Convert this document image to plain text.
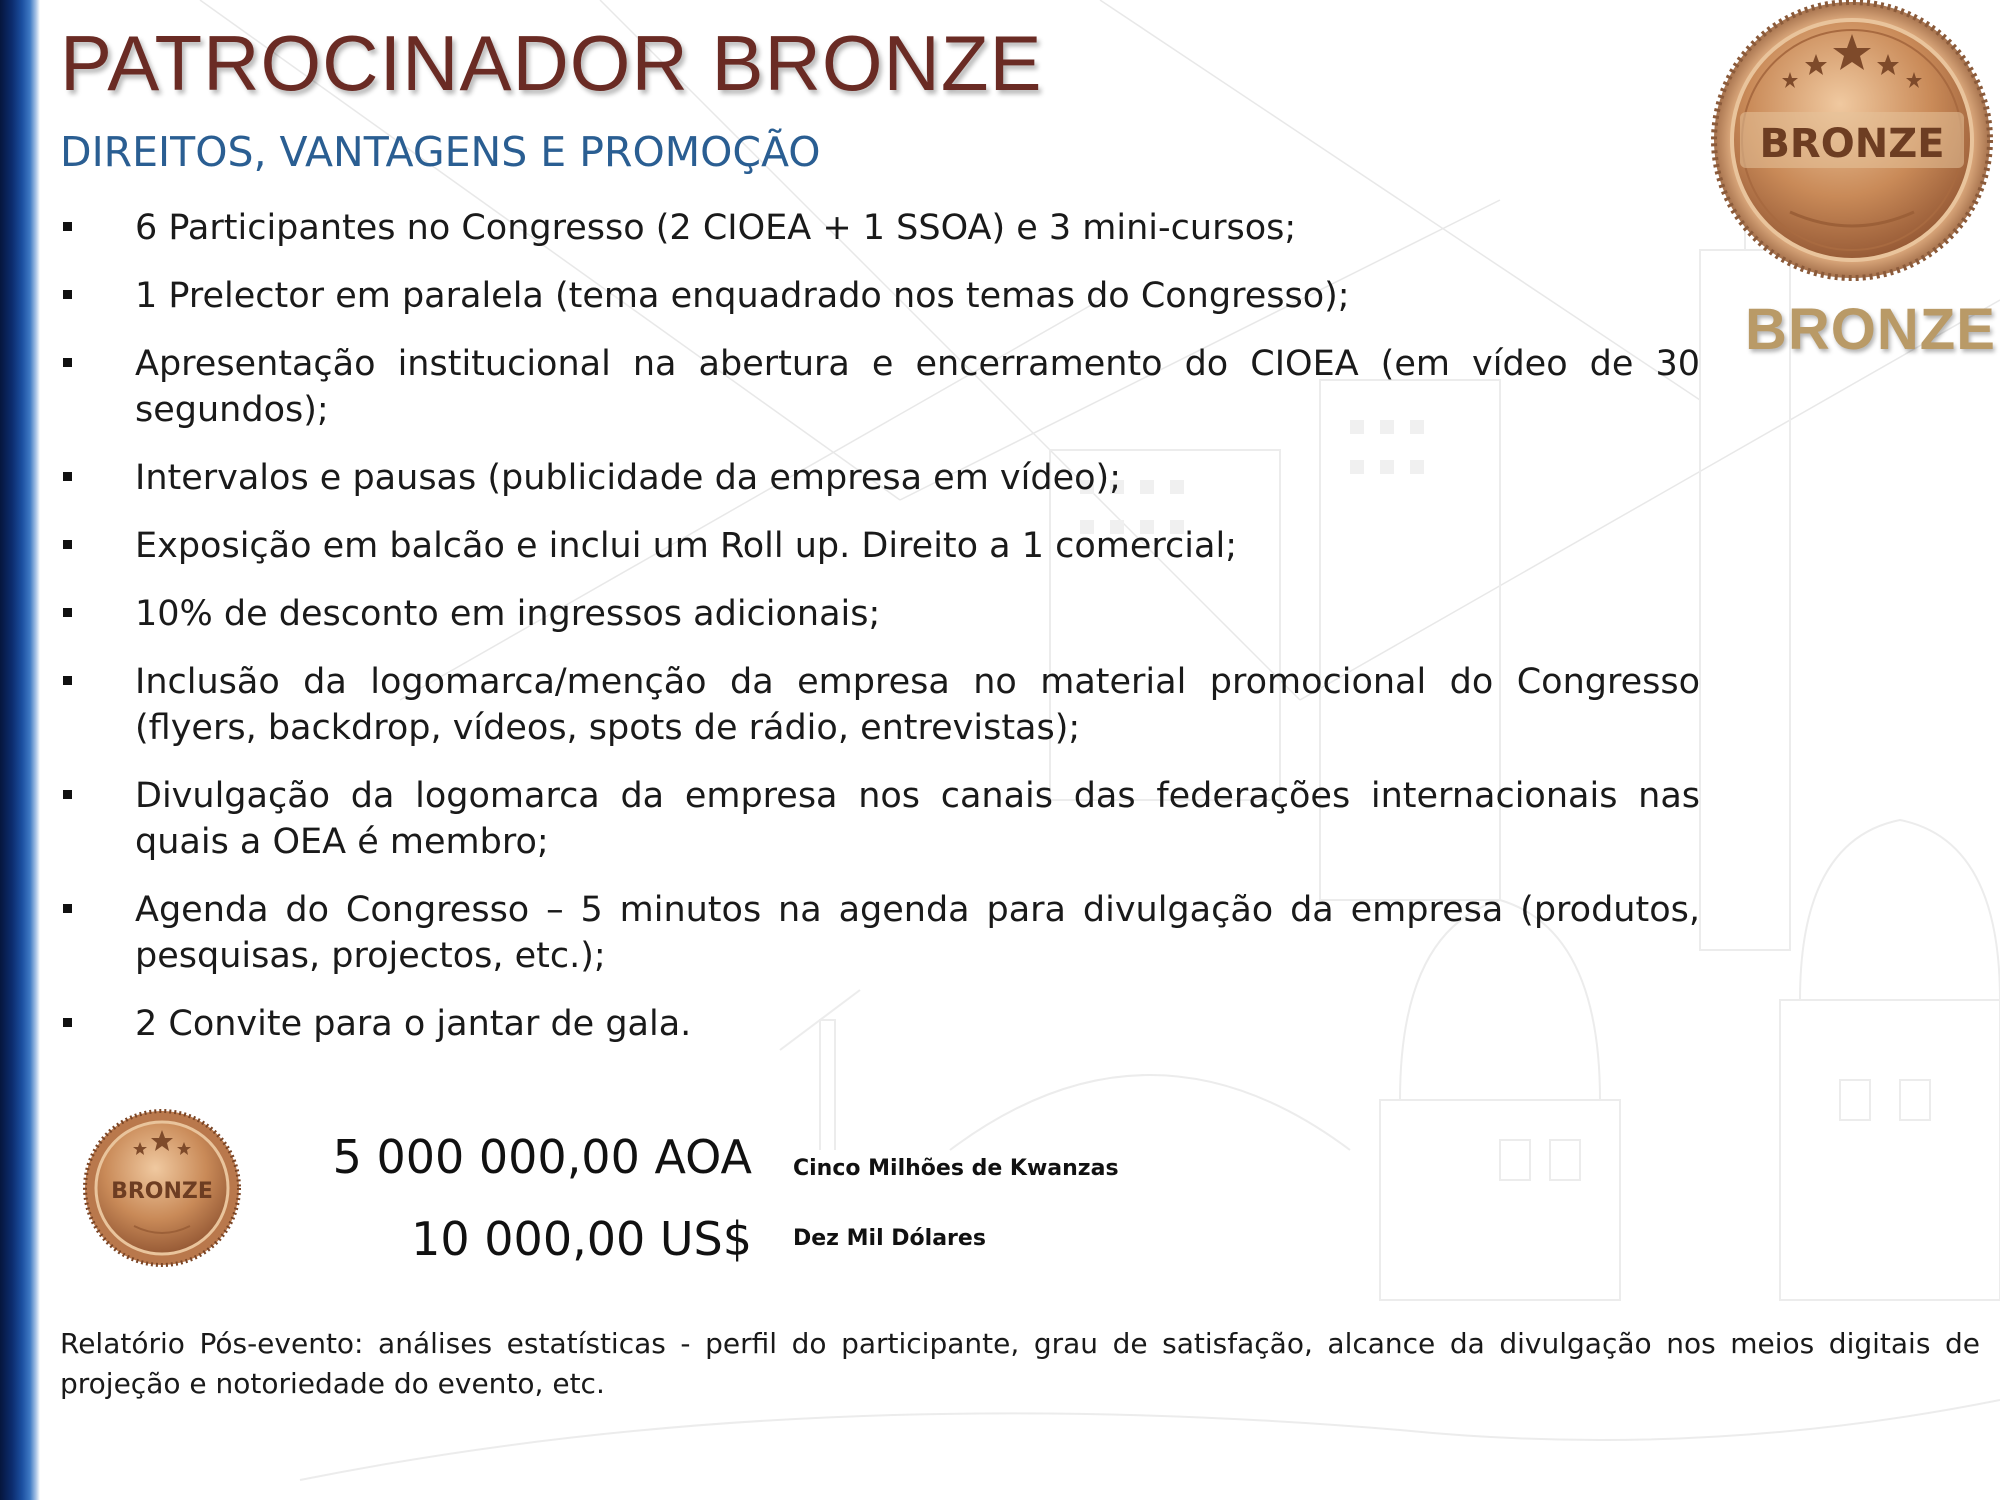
PATROCINADOR BRONZE
DIREITOS, VANTAGENS E PROMOÇÃO
6 Participantes no Congresso (2 CIOEA + 1 SSOA) e 3 mini-cursos;
1 Prelector em paralela (tema enquadrado nos temas do Congresso);
Apresentação institucional na abertura e encerramento do CIOEA (em vídeo de 30 segundos);
Intervalos e pausas (publicidade da empresa em vídeo);
Exposição em balcão e inclui um Roll up. Direito a 1 comercial;
10% de desconto em ingressos adicionais;
Inclusão da logomarca/menção da empresa no material promocional do Congresso (flyers, backdrop, vídeos, spots de rádio, entrevistas);
Divulgação da logomarca da empresa nos canais das federações internacionais nas quais a OEA é membro;
Agenda do Congresso – 5 minutos na agenda para divulgação da empresa (produtos, pesquisas, projectos, etc.);
2 Convite para o jantar de gala.
BRONZE
BRONZE
BRONZE
5 000 000,00 AOA Cinco Milhões de Kwanzas
10 000,00 US$ Dez Mil Dólares

Relatório Pós-evento: análises estatísticas - perfil do participante, grau de satisfação, alcance da divulgação nos meios digitais de projeção e notoriedade do evento, etc.
